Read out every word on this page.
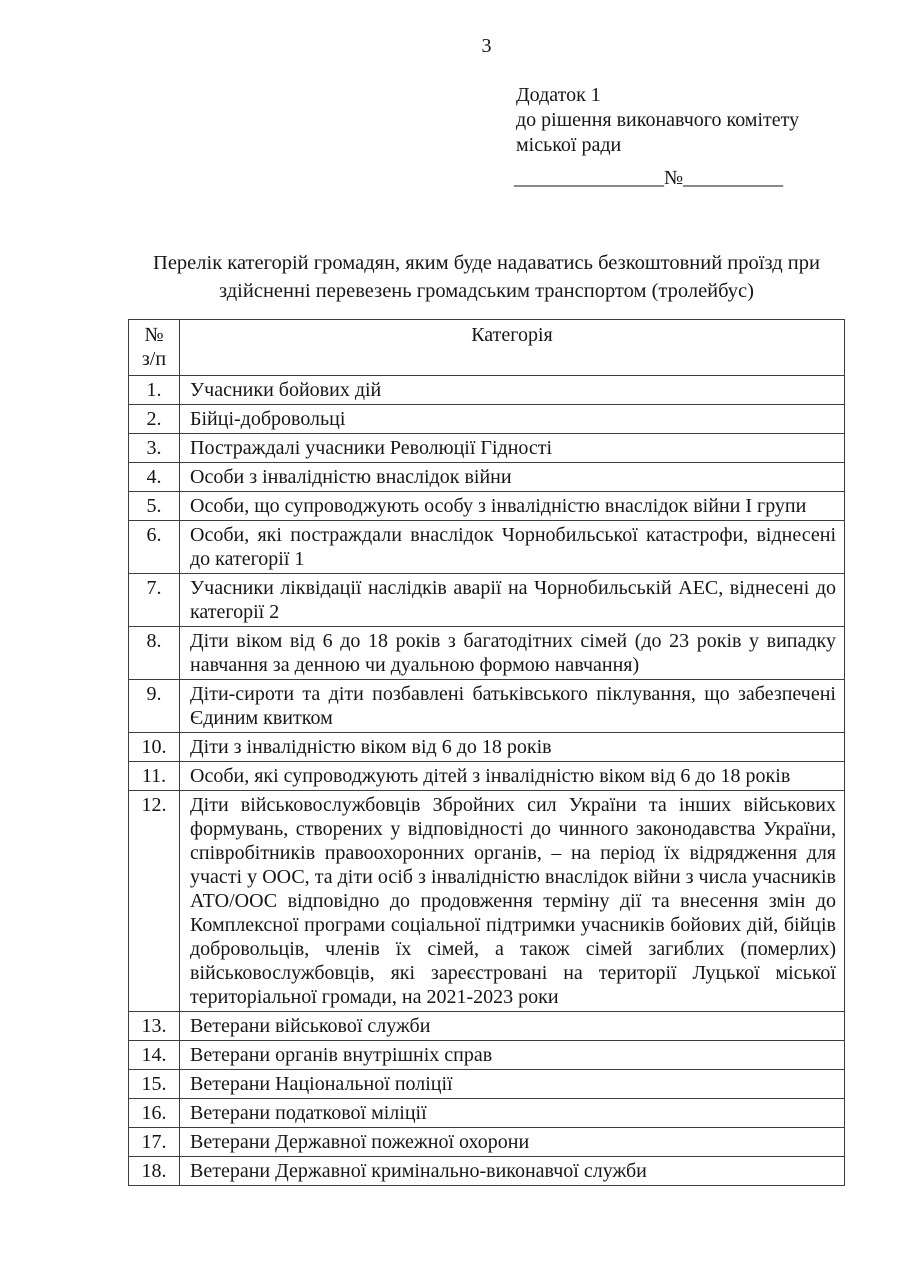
3
Додаток 1
до рішення виконавчого комітету
міської ради
_______________№__________
Перелік категорій громадян, яким буде надаватись безкоштовний проїзд при здійсненні перевезень громадським транспортом (тролейбус)
№
з/п	Категорія
1.	Учасники бойових дій
2.	Бійці-добровольці
3.	Постраждалі учасники Революції Гідності
4.	Особи з інвалідністю внаслідок війни
5.	Особи, що супроводжують особу з інвалідністю внаслідок війни І групи
6.	Особи, які постраждали внаслідок Чорнобильської катастрофи, віднесені до категорії 1
7.	Учасники ліквідації наслідків аварії на Чорнобильській АЕС, віднесені до категорії 2
8.	Діти віком від 6 до 18 років з багатодітних сімей (до 23 років у випадку навчання за денною чи дуальною формою навчання)
9.	Діти-сироти та діти позбавлені батьківського піклування, що забезпечені Єдиним квитком
10.	Діти з інвалідністю віком від 6 до 18 років
11.	Особи, які супроводжують дітей з інвалідністю віком від 6 до 18 років
12.	Діти військовослужбовців Збройних сил України та інших військових формувань, створених у відповідності до чинного законодавства України, співробітників правоохоронних органів, – на період їх відрядження для участі у ООС, та діти осіб з інвалідністю внаслідок війни з числа учасників АТО/ООС відповідно до продовження терміну дії та внесення змін до Комплексної програми соціальної підтримки учасників бойових дій, бійців добровольців, членів їх сімей, а також сімей загиблих (померлих) військовослужбовців, які зареєстровані на території Луцької міської територіальної громади, на 2021-2023 роки
13.	Ветерани військової служби
14.	Ветерани органів внутрішніх справ
15.	Ветерани Національної поліції
16.	Ветерани податкової міліції
17.	Ветерани Державної пожежної охорони
18.	Ветерани Державної кримінально-виконавчої служби
